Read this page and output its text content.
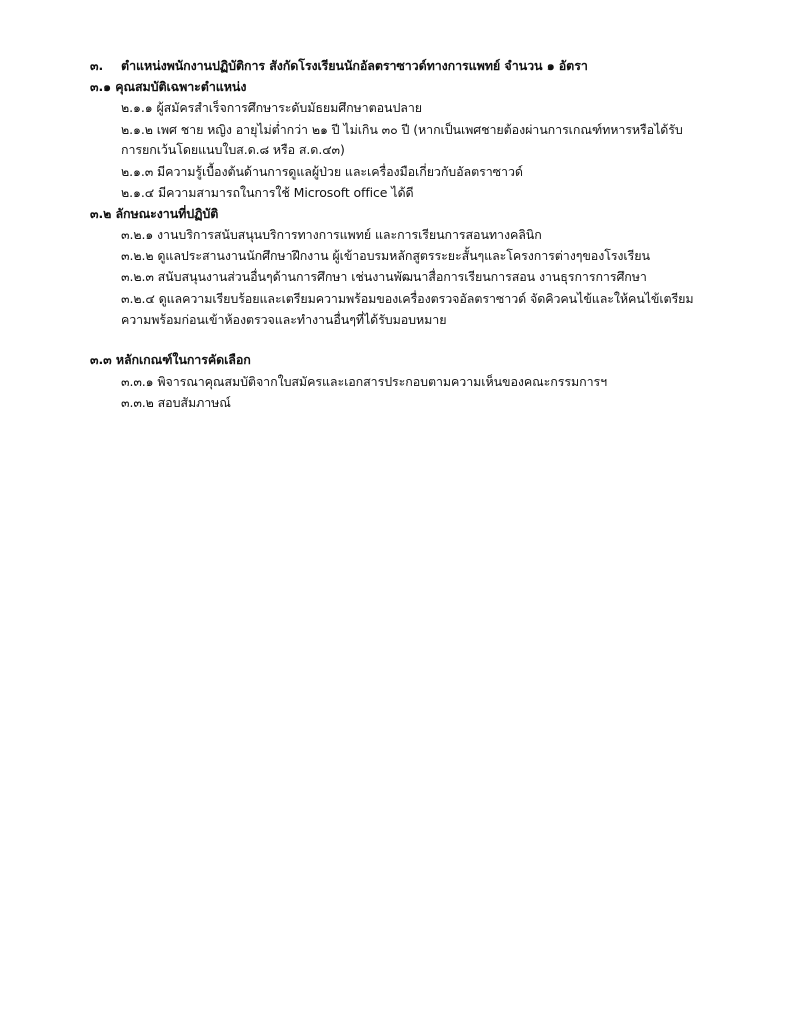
๓. ตำแหน่งพนักงานปฏิบัติการ สังกัดโรงเรียนนักอัลตราซาวด์ทางการแพทย์ จำนวน ๑ อัตรา
๓.๑ คุณสมบัติเฉพาะตำแหน่ง
๒.๑.๑ ผู้สมัครสำเร็จการศึกษาระดับมัธยมศึกษาตอนปลาย
๒.๑.๒ เพศ ชาย หญิง อายุไม่ต่ำกว่า ๒๑ ปี ไม่เกิน ๓๐ ปี (หากเป็นเพศชายต้องผ่านการเกณฑ์ทหารหรือได้รับ
การยกเว้นโดยแนบใบส.ด.๘ หรือ ส.ด.๔๓)
๒.๑.๓ มีความรู้เบื้องต้นด้านการดูแลผู้ป่วย และเครื่องมือเกี่ยวกับอัลตราซาวด์
๒.๑.๔ มีความสามารถในการใช้ Microsoft office ได้ดี
๓.๒ ลักษณะงานที่ปฏิบัติ
๓.๒.๑ งานบริการสนับสนุนบริการทางการแพทย์ และการเรียนการสอนทางคลินิก
๓.๒.๒ ดูแลประสานงานนักศึกษาฝึกงาน ผู้เข้าอบรมหลักสูตรระยะสั้นๆและโครงการต่างๆของโรงเรียน
๓.๒.๓ สนับสนุนงานส่วนอื่นๆด้านการศึกษา เช่นงานพัฒนาสื่อการเรียนการสอน งานธุรการการศึกษา
๓.๒.๔ ดูแลความเรียบร้อยและเตรียมความพร้อมของเครื่องตรวจอัลตราซาวด์ จัดคิวคนไข้และให้คนไข้เตรียม
ความพร้อมก่อนเข้าห้องตรวจและทำงานอื่นๆที่ได้รับมอบหมาย
๓.๓ หลักเกณฑ์ในการคัดเลือก
๓.๓.๑ พิจารณาคุณสมบัติจากใบสมัครและเอกสารประกอบตามความเห็นของคณะกรรมการฯ
๓.๓.๒ สอบสัมภาษณ์
